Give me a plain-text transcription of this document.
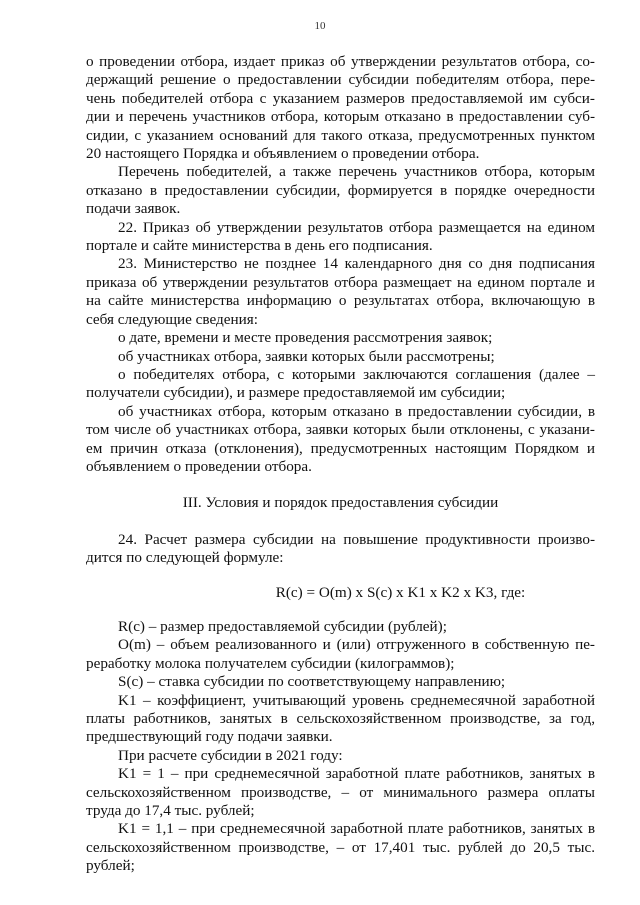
10
о проведении отбора, издает приказ об утверждении результатов отбора, со-
держащий решение о предоставлении субсидии победителям отбора, пере-
чень победителей отбора с указанием размеров предоставляемой им субси-
дии и перечень участников отбора, которым отказано в предоставлении суб-
сидии, с указанием оснований для такого отказа, предусмотренных пунктом
20 настоящего Порядка и объявлением о проведении отбора.
Перечень победителей, а также перечень участников отбора, которым
отказано в предоставлении субсидии, формируется в порядке очередности
подачи заявок.
22. Приказ об утверждении результатов отбора размещается на едином
портале и сайте министерства в день его подписания.
23. Министерство не позднее 14 календарного дня со дня подписания
приказа об утверждении результатов отбора размещает на едином портале и
на сайте министерства информацию о результатах отбора, включающую в
себя следующие сведения:
о дате, времени и месте проведения рассмотрения заявок;
об участниках отбора, заявки которых были рассмотрены;
о победителях отбора, с которыми заключаются соглашения (далее –
получатели субсидии), и размере предоставляемой им субсидии;
об участниках отбора, которым отказано в предоставлении субсидии, в
том числе об участниках отбора, заявки которых были отклонены, с указани-
ем причин отказа (отклонения), предусмотренных настоящим Порядком и
объявлением о проведении отбора.
III. Условия и порядок предоставления субсидии
24. Расчет размера субсидии на повышение продуктивности произво-
дится по следующей формуле:
R(c) = O(m) x S(c) x K1 x K2 x K3, где:
R(c) – размер предоставляемой субсидии (рублей);
O(m) – объем реализованного и (или) отгруженного в собственную пе-
реработку молока получателем субсидии (килограммов);
S(c) – ставка субсидии по соответствующему направлению;
K1 – коэффициент, учитывающий уровень среднемесячной заработной
платы работников, занятых в сельскохозяйственном производстве, за год,
предшествующий году подачи заявки.
При расчете субсидии в 2021 году:
K1 = 1 – при среднемесячной заработной плате работников, занятых в
сельскохозяйственном производстве, – от минимального размера оплаты
труда до 17,4 тыс. рублей;
K1 = 1,1 – при среднемесячной заработной плате работников, занятых в
сельскохозяйственном производстве, – от 17,401 тыс. рублей до 20,5 тыс.
рублей;
